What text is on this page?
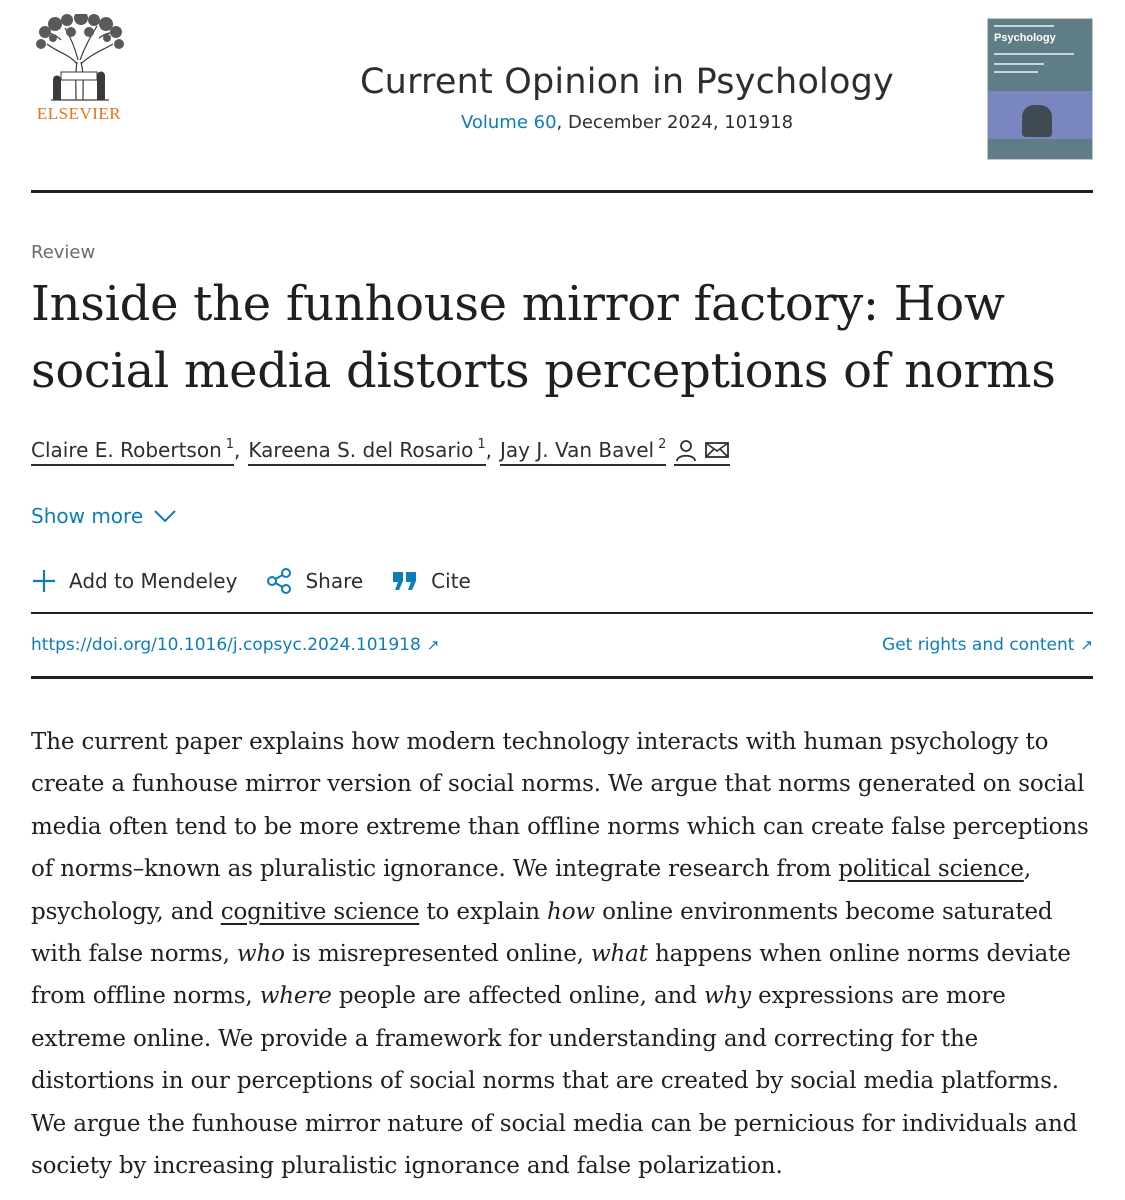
ELSEVIER
Current Opinion in Psychology
Volume 60, December 2024, 101918
Psychology
Review
Inside the funhouse mirror factory: How
social media distorts perceptions of norms
Claire E. Robertson $^1$ , Kareena S. del Rosario $^1$ , Jay J. Van Bavel $^2$
Show more
Add to Mendeley	Share	Cite
https://doi.org/10.1016/j.copsyc.2024.101918 ↗	Get rights and content ↗
The current paper explains how modern technology interacts with human psychology to create a funhouse mirror version of social norms. We argue that norms generated on social media often tend to be more extreme than offline norms which can create false perceptions of norms–known as pluralistic ignorance. We integrate research from political science, psychology, and cognitive science to explain how online environments become saturated with false norms, who is misrepresented online, what happens when online norms deviate from offline norms, where people are affected online, and why expressions are more extreme online. We provide a framework for understanding and correcting for the distortions in our perceptions of social norms that are created by social media platforms. We argue the funhouse mirror nature of social media can be pernicious for individuals and society by increasing pluralistic ignorance and false polarization.
